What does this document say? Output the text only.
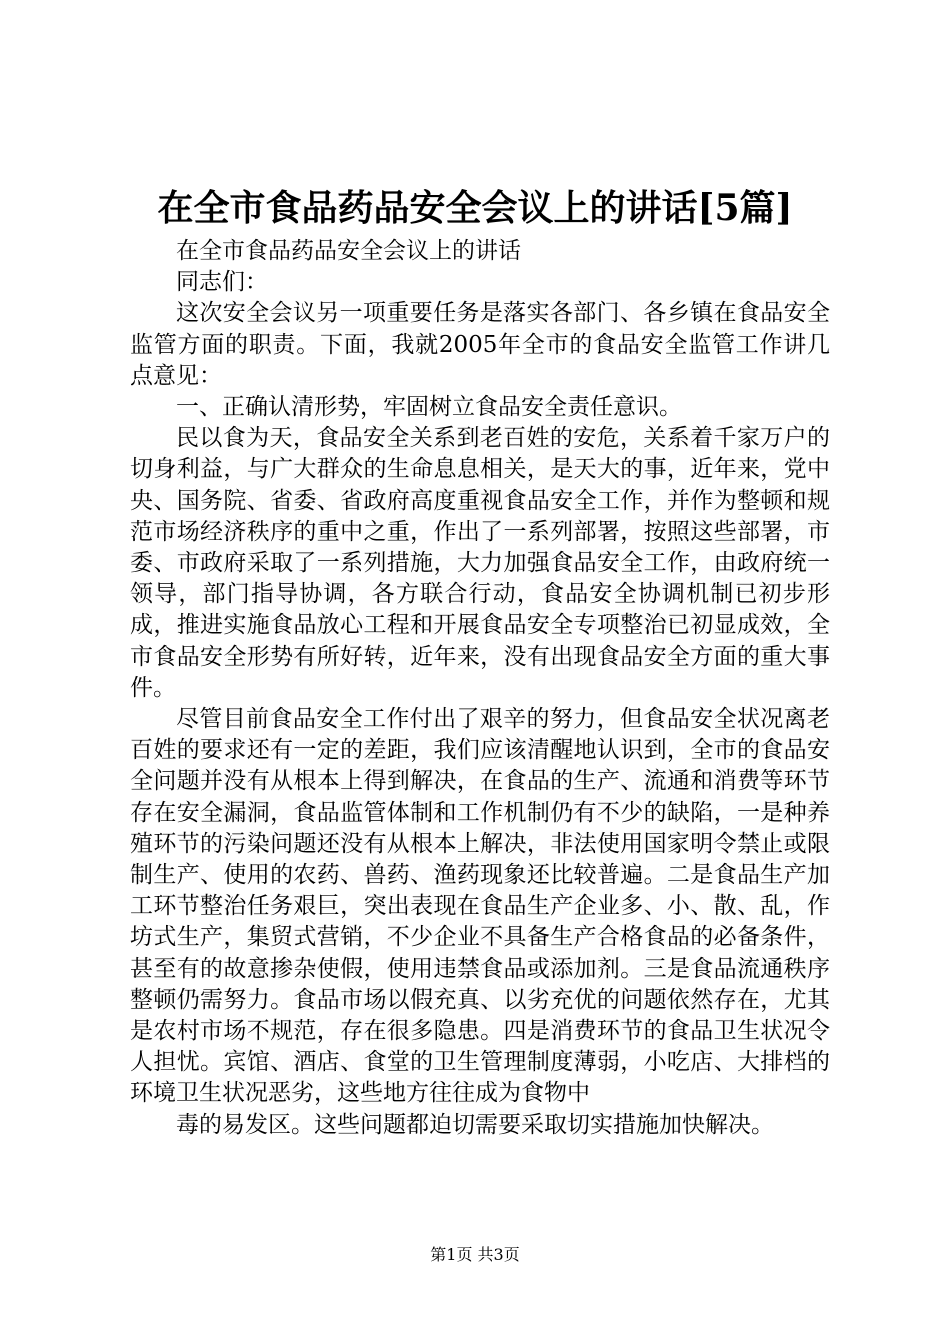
在全市食品药品安全会议上的讲话[5篇]

在全市食品药品安全会议上的讲话

同志们：

这次安全会议另一项重要任务是落实各部门、各乡镇在食品安全监管方面的职责。下面，我就2005年全市的食品安全监管工作讲几点意见：

一、正确认清形势，牢固树立食品安全责任意识。

民以食为天，食品安全关系到老百姓的安危，关系着千家万户的切身利益，与广大群众的生命息息相关，是天大的事，近年来，党中央、国务院、省委、省政府高度重视食品安全工作，并作为整顿和规范市场经济秩序的重中之重，作出了一系列部署，按照这些部署，市委、市政府采取了一系列措施，大力加强食品安全工作，由政府统一领导，部门指导协调，各方联合行动，食品安全协调机制已初步形成，推进实施食品放心工程和开展食品安全专项整治已初显成效，全市食品安全形势有所好转，近年来，没有出现食品安全方面的重大事件。

尽管目前食品安全工作付出了艰辛的努力，但食品安全状况离老百姓的要求还有一定的差距，我们应该清醒地认识到，全市的食品安全问题并没有从根本上得到解决，在食品的生产、流通和消费等环节存在安全漏洞，食品监管体制和工作机制仍有不少的缺陷，一是种养殖环节的污染问题还没有从根本上解决，非法使用国家明令禁止或限制生产、使用的农药、兽药、渔药现象还比较普遍。二是食品生产加工环节整治任务艰巨，突出表现在食品生产企业多、小、散、乱，作坊式生产，集贸式营销，不少企业不具备生产合格食品的必备条件，甚至有的故意掺杂使假，使用违禁食品或添加剂。三是食品流通秩序整顿仍需努力。食品市场以假充真、以劣充优的问题依然存在，尤其是农村市场不规范，存在很多隐患。四是消费环节的食品卫生状况令人担忧。宾馆、酒店、食堂的卫生管理制度薄弱，小吃店、大排档的环境卫生状况恶劣，这些地方往往成为食物中

毒的易发区。这些问题都迫切需要采取切实措施加快解决。

第1页 共3页
